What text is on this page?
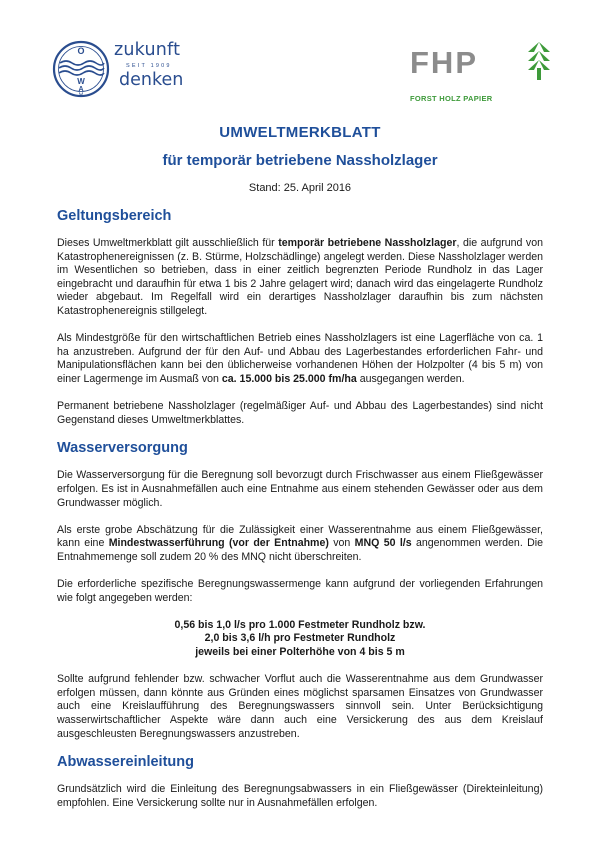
Ö
W
A
V
zukunft
SEIT 1909
denken	FHP
FORST HOLZ PAPIER
UMWELTMERKBLATT
für temporär betriebene Nassholzlager
Stand: 25. April 2016
Geltungsbereich

Dieses Umweltmerkblatt gilt ausschließlich für temporär betriebene Nassholzlager, die aufgrund von Katastrophenereignissen (z. B. Stürme, Holzschädlinge) angelegt werden. Diese Nassholzlager werden im Wesentlichen so betrieben, dass in einer zeitlich begrenzten Periode Rundholz in das Lager eingebracht und daraufhin für etwa 1 bis 2 Jahre gelagert wird; danach wird das eingelagerte Rundholz wieder abgebaut. Im Regelfall wird ein derartiges Nassholzlager daraufhin bis zum nächsten Katastrophenereignis stillgelegt.

Als Mindestgröße für den wirtschaftlichen Betrieb eines Nassholzlagers ist eine Lagerfläche von ca. 1 ha anzustreben. Aufgrund der für den Auf- und Abbau des Lagerbestandes erforderlichen Fahr- und Manipulationsflächen kann bei den üblicherweise vorhandenen Höhen der Holzpolter (4 bis 5 m) von einer Lagermenge im Ausmaß von ca. 15.000 bis 25.000 fm/ha ausgegangen werden.

Permanent betriebene Nassholzlager (regelmäßiger Auf- und Abbau des Lagerbestandes) sind nicht Gegenstand dieses Umweltmerkblattes.

Wasserversorgung

Die Wasserversorgung für die Beregnung soll bevorzugt durch Frischwasser aus einem Fließgewässer erfolgen. Es ist in Ausnahmefällen auch eine Entnahme aus einem stehenden Gewässer oder aus dem Grundwasser möglich.

Als erste grobe Abschätzung für die Zulässigkeit einer Wasserentnahme aus einem Fließgewässer, kann eine Mindestwasserführung (vor der Entnahme) von MNQ 50 l/s angenommen werden. Die Entnahmemenge soll zudem 20 % des MNQ nicht überschreiten.

Die erforderliche spezifische Beregnungswassermenge kann aufgrund der vorliegenden Erfahrungen wie folgt angegeben werden:

0,56 bis 1,0 l/s pro 1.000 Festmeter Rundholz bzw.
2,0 bis 3,6 l/h pro Festmeter Rundholz
jeweils bei einer Polterhöhe von 4 bis 5 m

Sollte aufgrund fehlender bzw. schwacher Vorflut auch die Wasserentnahme aus dem Grundwasser erfolgen müssen, dann könnte aus Gründen eines möglichst sparsamen Einsatzes von Grundwasser auch eine Kreislaufführung des Beregnungswassers sinnvoll sein. Unter Berücksichtigung wasserwirtschaftlicher Aspekte wäre dann auch eine Versickerung des aus dem Kreislauf ausgeschleusten Beregnungswassers anzustreben.

Abwassereinleitung

Grundsätzlich wird die Einleitung des Beregnungsabwassers in ein Fließgewässer (Direkteinleitung) empfohlen. Eine Versickerung sollte nur in Ausnahmefällen erfolgen.
